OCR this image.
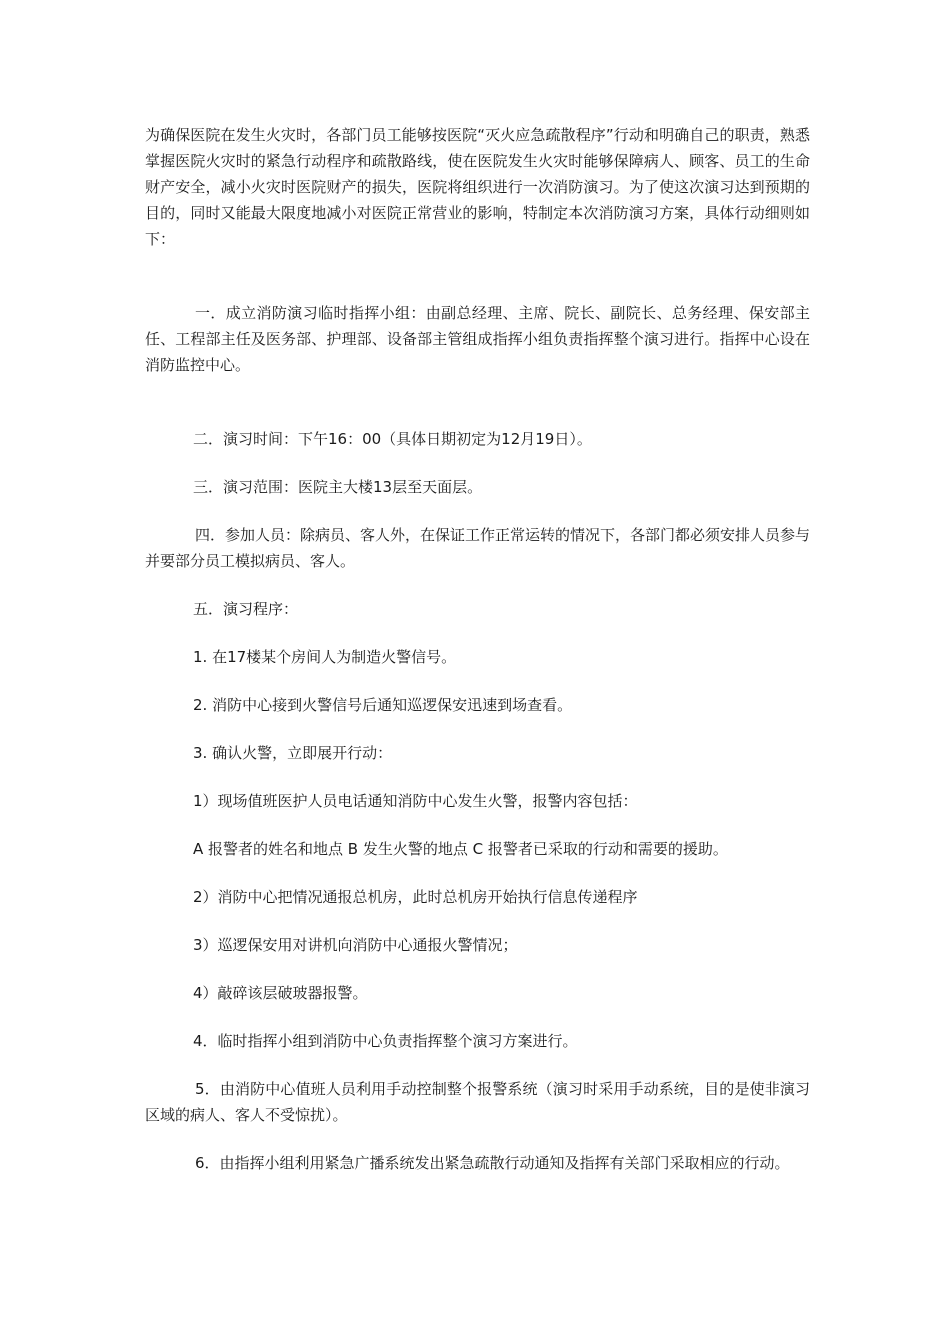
为确保医院在发生火灾时，各部门员工能够按医院“灭火应急疏散程序”行动和明确自己的职责，熟悉掌握医院火灾时的紧急行动程序和疏散路线，使在医院发生火灾时能够保障病人、顾客、员工的生命财产安全，减小火灾时医院财产的损失，医院将组织进行一次消防演习。为了使这次演习达到预期的目的，同时又能最大限度地减小对医院正常营业的影响，特制定本次消防演习方案，具体行动细则如下：

一．成立消防演习临时指挥小组：由副总经理、主席、院长、副院长、总务经理、保安部主任、工程部主任及医务部、护理部、设备部主管组成指挥小组负责指挥整个演习进行。指挥中心设在消防监控中心。

二．演习时间：下午16：00（具体日期初定为12月19日）。

三．演习范围：医院主大楼13层至天面层。

四．参加人员：除病员、客人外，在保证工作正常运转的情况下，各部门都必须安排人员参与并要部分员工模拟病员、客人。

五．演习程序：

1. 在17楼某个房间人为制造火警信号。

2. 消防中心接到火警信号后通知巡逻保安迅速到场查看。

3. 确认火警，立即展开行动：

1）现场值班医护人员电话通知消防中心发生火警，报警内容包括：

A 报警者的姓名和地点 B 发生火警的地点 C 报警者已采取的行动和需要的援助。

2）消防中心把情况通报总机房，此时总机房开始执行信息传递程序

3）巡逻保安用对讲机向消防中心通报火警情况；

4）敲碎该层破玻器报警。

4．临时指挥小组到消防中心负责指挥整个演习方案进行。

5．由消防中心值班人员利用手动控制整个报警系统（演习时采用手动系统，目的是使非演习区域的病人、客人不受惊扰）。

6．由指挥小组利用紧急广播系统发出紧急疏散行动通知及指挥有关部门采取相应的行动。
